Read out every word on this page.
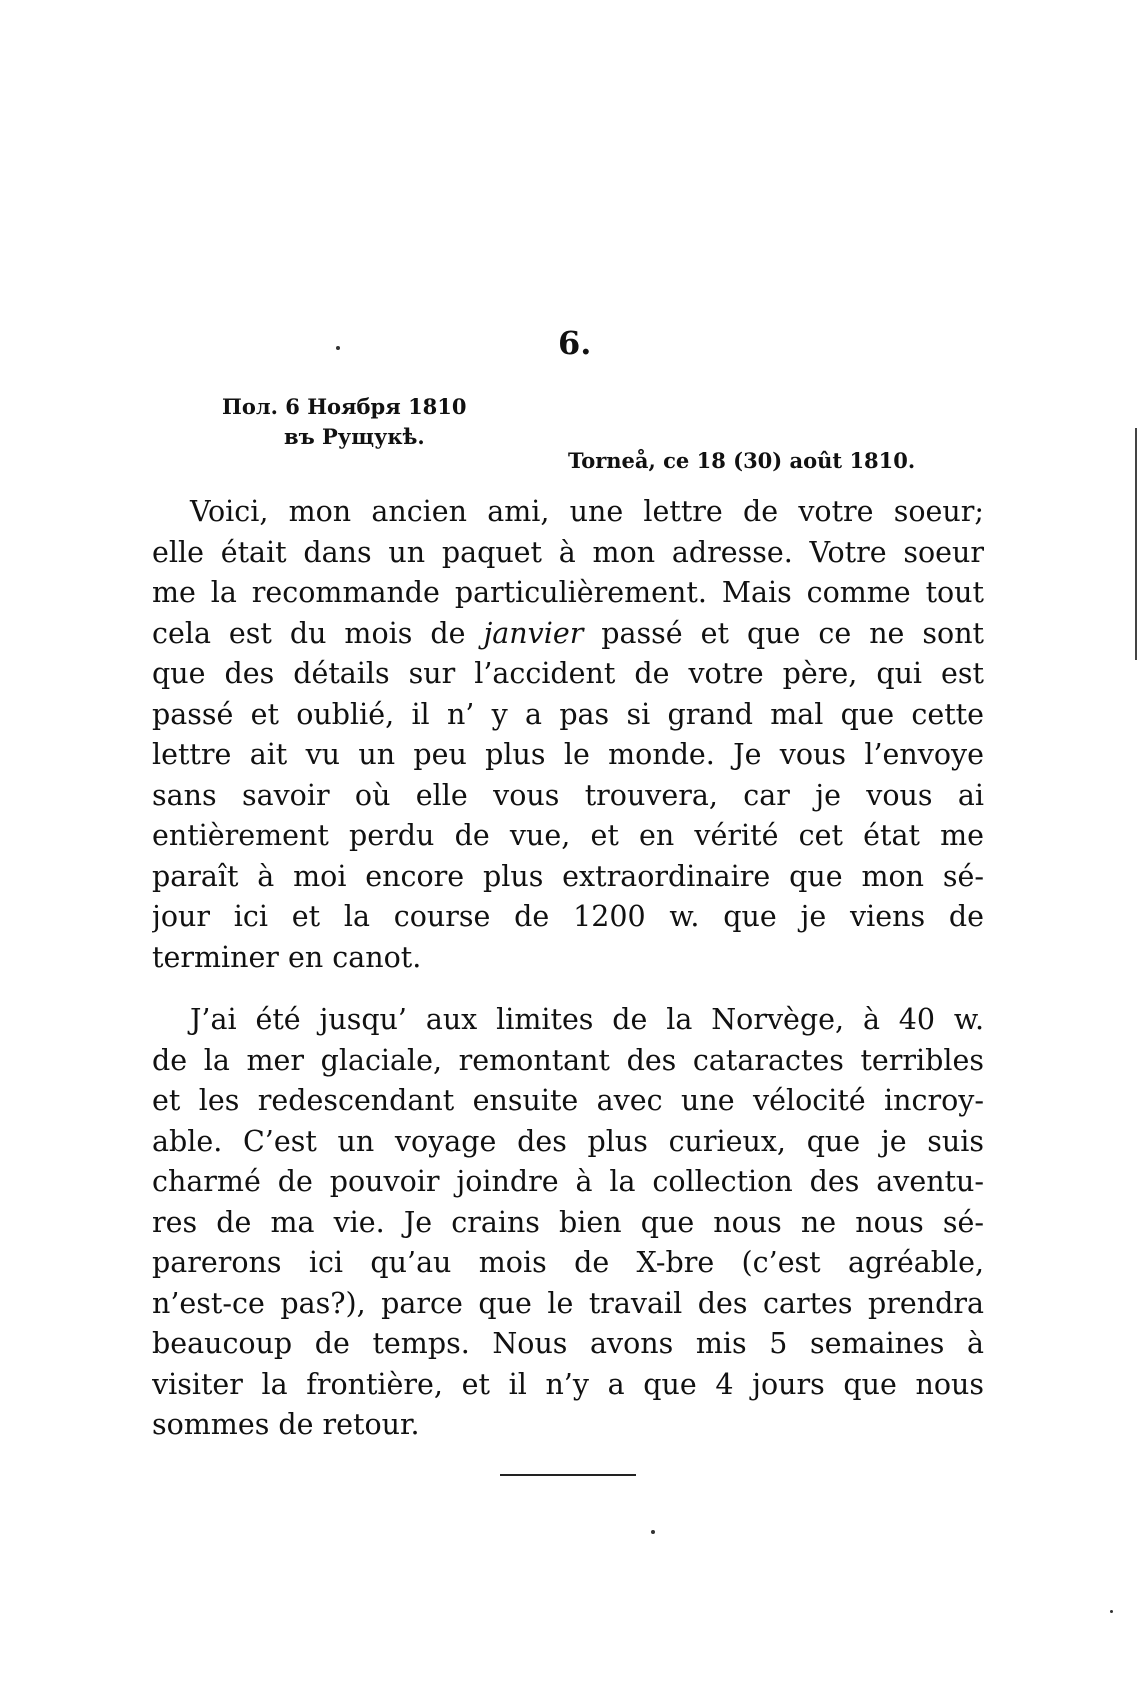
6.
Пол. 6 Ноября 1810
въ Рущукѣ.
Torneå, ce 18 (30) août 1810.
Voici, mon ancien ami, une lettre de votre soeur;
elle était dans un paquet à mon adresse. Votre soeur
me la recommande particulièrement. Mais comme tout
cela est du mois de janvier passé et que ce ne sont
que des détails sur l’accident de votre père, qui est
passé et oublié, il n’ y a pas si grand mal que cette
lettre ait vu un peu plus le monde. Je vous l’envoye
sans savoir où elle vous trouvera, car je vous ai
entièrement perdu de vue, et en vérité cet état me
paraît à moi encore plus extraordinaire que mon sé-
jour ici et la course de 1200 w. que je viens de
terminer en canot.
J’ai été jusqu’ aux limites de la Norvège, à 40 w.
de la mer glaciale, remontant des cataractes terribles
et les redescendant ensuite avec une vélocité incroy-
able. C’est un voyage des plus curieux, que je suis
charmé de pouvoir joindre à la collection des aventu-
res de ma vie. Je crains bien que nous ne nous sé-
parerons ici qu’au mois de X-bre (c’est agréable,
n’est-ce pas?), parce que le travail des cartes prendra
beaucoup de temps. Nous avons mis 5 semaines à
visiter la frontière, et il n’y a que 4 jours que nous
sommes de retour.
